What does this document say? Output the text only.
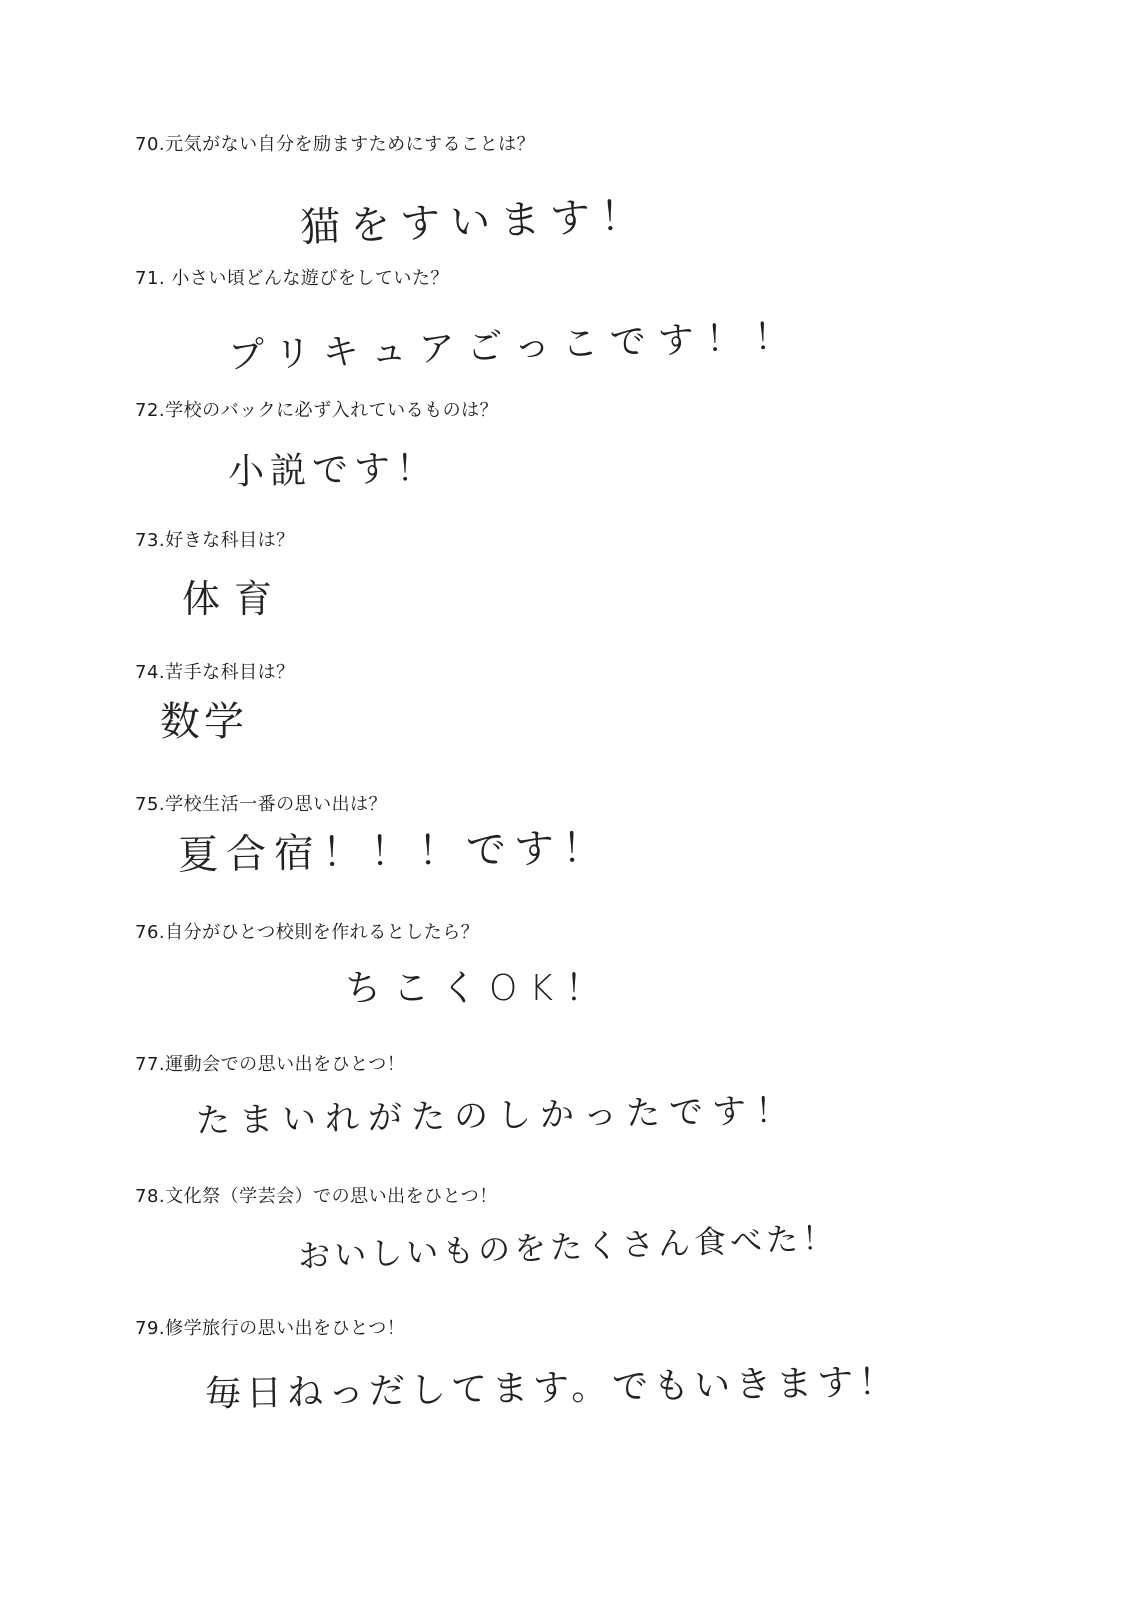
70.元気がない自分を励ますためにすることは？
猫をすいます！
71. 小さい頃どんな遊びをしていた？
プリキュアごっこです！！
72.学校のバックに必ず入れているものは？
小説です！
73.好きな科目は？
体育
74.苦手な科目は？
数学
75.学校生活一番の思い出は？
夏合宿！！！です！
76.自分がひとつ校則を作れるとしたら？
ちこくOK！
77.運動会での思い出をひとつ！
たまいれがたのしかったです！
78.文化祭（学芸会）での思い出をひとつ！
おいしいものをたくさん食べた！
79.修学旅行の思い出をひとつ！
毎日ねっだしてます。でもいきます！
